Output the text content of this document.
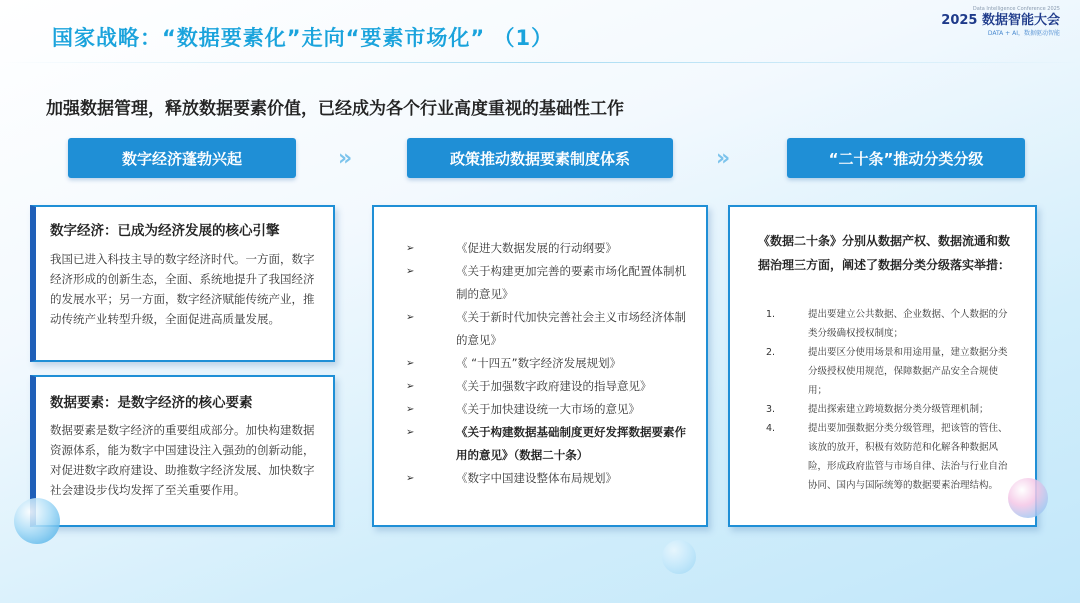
国家战略：“数据要素化”走向“要素市场化” （1）
Data Intelligence Conference 2025
2025 数据智能大会
DATA + AI，数据驱动智能
加强数据管理，释放数据要素价值，已经成为各个行业高度重视的基础性工作
数字经济蓬勃兴起	»	政策推动数据要素制度体系	»	“二十条”推动分类分级
数字经济：已成为经济发展的核心引擎

我国已进入科技主导的数字经济时代。一方面，数字经济形成的创新生态，全面、系统地提升了我国经济的发展水平；另一方面，数字经济赋能传统产业，推动传统产业转型升级，全面促进高质量发展。

数据要素：是数字经济的核心要素

数据要素是数字经济的重要组成部分。加快构建数据资源体系，能为数字中国建设注入强劲的创新动能，对促进数字政府建设、助推数字经济发展、加快数字社会建设步伐均发挥了至关重要作用。

➢	《促进大数据发展的行动纲要》
➢	《关于构建更加完善的要素市场化配置体制机制的意见》
➢	《关于新时代加快完善社会主义市场经济体制的意见》
➢	《 “十四五”数字经济发展规划》
➢	《关于加强数字政府建设的指导意见》
➢	《关于加快建设统一大市场的意见》
➢	《关于构建数据基础制度更好发挥数据要素作用的意见》（数据二十条）
➢	《数字中国建设整体布局规划》
《数据二十条》分别从数据产权、数据流通和数据治理三方面，阐述了数据分类分级落实举措：
1.	提出要建立公共数据、企业数据、个人数据的分类分级确权授权制度；
2.	提出要区分使用场景和用途用量，建立数据分类分级授权使用规范，保障数据产品安全合规使用；
3.	提出探索建立跨境数据分类分级管理机制；
4.	提出要加强数据分类分级管理，把该管的管住、该放的放开，积极有效防范和化解各种数据风险，形成政府监管与市场自律、法治与行业自治协同、国内与国际统筹的数据要素治理结构。
